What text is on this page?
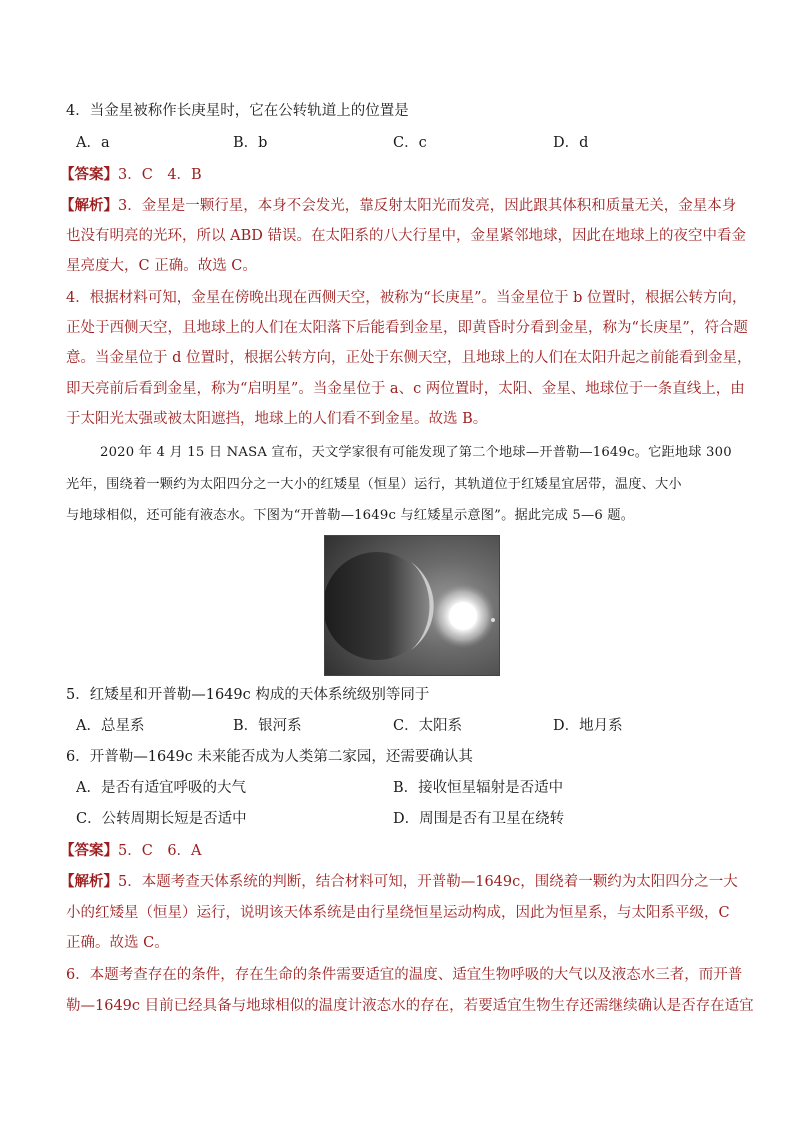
4．当金星被称作长庚星时，它在公转轨道上的位置是
A．a	B．b	C．c	D．d
【答案】3．C　4．B
【解析】3．金星是一颗行星，本身不会发光，靠反射太阳光而发亮，因此跟其体积和质量无关，金星本身
也没有明亮的光环，所以 ABD 错误。在太阳系的八大行星中，金星紧邻地球，因此在地球上的夜空中看金
星亮度大，C 正确。故选 C。
4．根据材料可知，金星在傍晚出现在西侧天空，被称为“长庚星”。当金星位于 b 位置时，根据公转方向，
正处于西侧天空，且地球上的人们在太阳落下后能看到金星，即黄昏时分看到金星，称为“长庚星”，符合题
意。当金星位于 d 位置时，根据公转方向，正处于东侧天空，且地球上的人们在太阳升起之前能看到金星，
即天亮前后看到金星，称为“启明星”。当金星位于 a、c 两位置时，太阳、金星、地球位于一条直线上，由
于太阳光太强或被太阳遮挡，地球上的人们看不到金星。故选 B。
2020 年 4 月 15 日 NASA 宣布，天文学家很有可能发现了第二个地球—开普勒—1649c。它距地球 300
光年，围绕着一颗约为太阳四分之一大小的红矮星（恒星）运行，其轨道位于红矮星宜居带，温度、大小
与地球相似，还可能有液态水。下图为“开普勒—1649c 与红矮星示意图”。据此完成 5—6 题。
5．红矮星和开普勒—1649c 构成的天体系统级别等同于
A．总星系	B．银河系	C．太阳系	D．地月系
6．开普勒—1649c 未来能否成为人类第二家园，还需要确认其
A．是否有适宜呼吸的大气	B．接收恒星辐射是否适中
C．公转周期长短是否适中	D．周围是否有卫星在绕转
【答案】5．C　6．A
【解析】5．本题考查天体系统的判断，结合材料可知，开普勒—1649c，围绕着一颗约为太阳四分之一大
小的红矮星（恒星）运行，说明该天体系统是由行星绕恒星运动构成，因此为恒星系，与太阳系平级，C
正确。故选 C。
6．本题考查存在的条件，存在生命的条件需要适宜的温度、适宜生物呼吸的大气以及液态水三者，而开普
勒—1649c 目前已经具备与地球相似的温度计液态水的存在，若要适宜生物生存还需继续确认是否存在适宜
